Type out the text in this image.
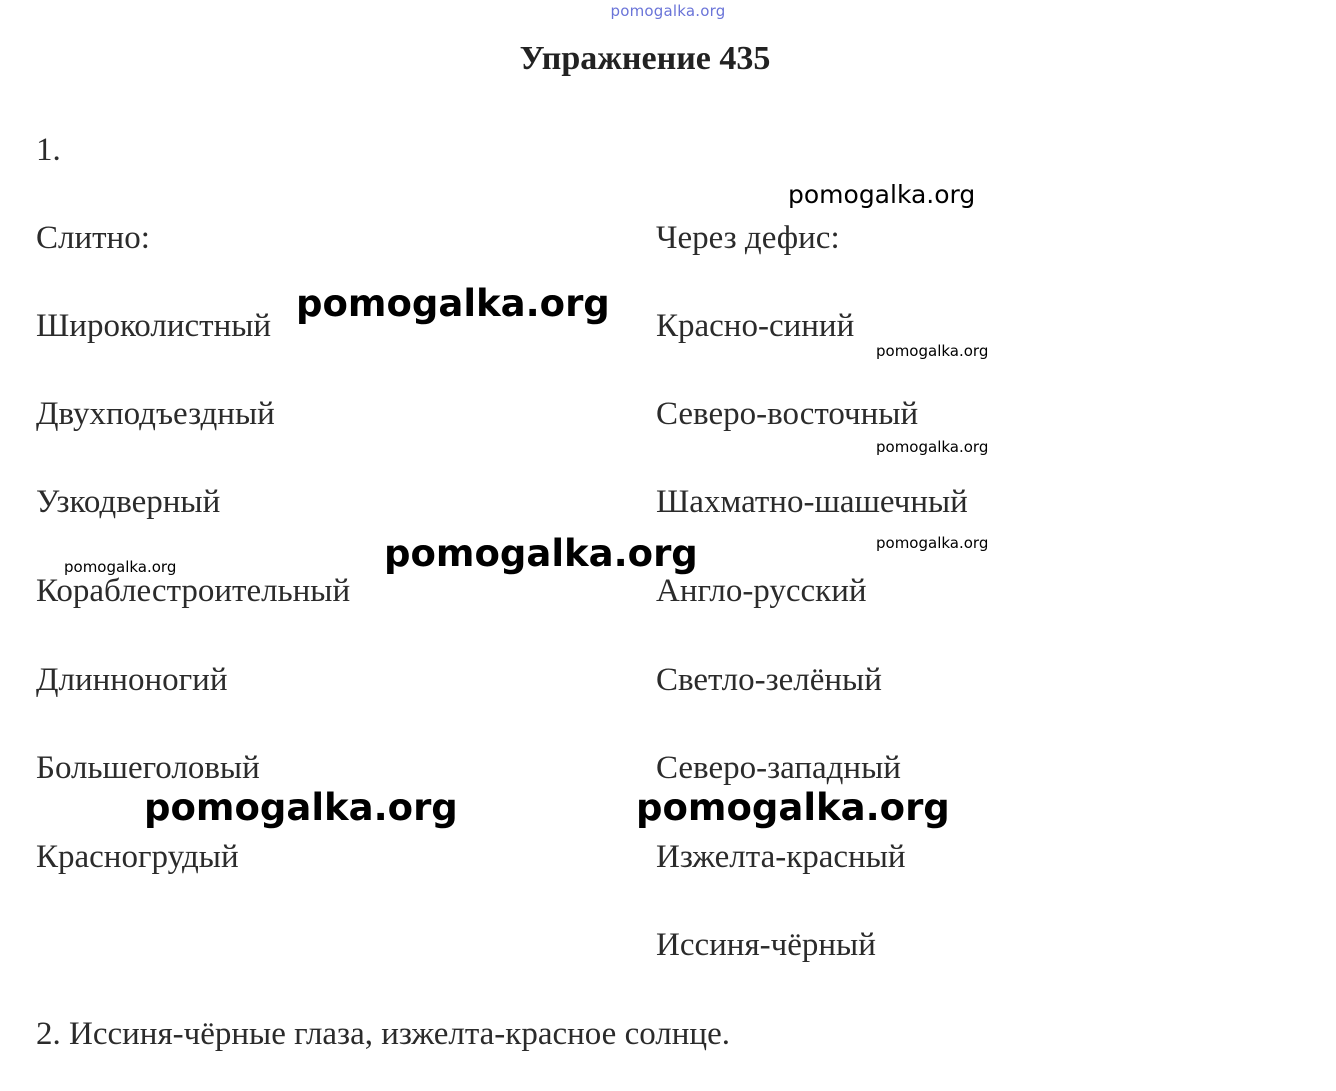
pomogalka.org
Упражнение 435
1.
Слитно:
Широколистный
Двухподъездный
Узкодверный
Кораблестроительный
Длинноногий
Большеголовый
Красногрудый
Через дефис:
Красно-синий
Северо-восточный
Шахматно-шашечный
Англо-русский
Светло-зелёный
Северо-западный
Изжелта-красный
Иссиня-чёрный
2. Иссиня-чёрные глаза, изжелта-красное солнце.
pomogalka.org
pomogalka.org
pomogalka.org
pomogalka.org
pomogalka.org
pomogalka.org	pomogalka.org
pomogalka.org	pomogalka.org
